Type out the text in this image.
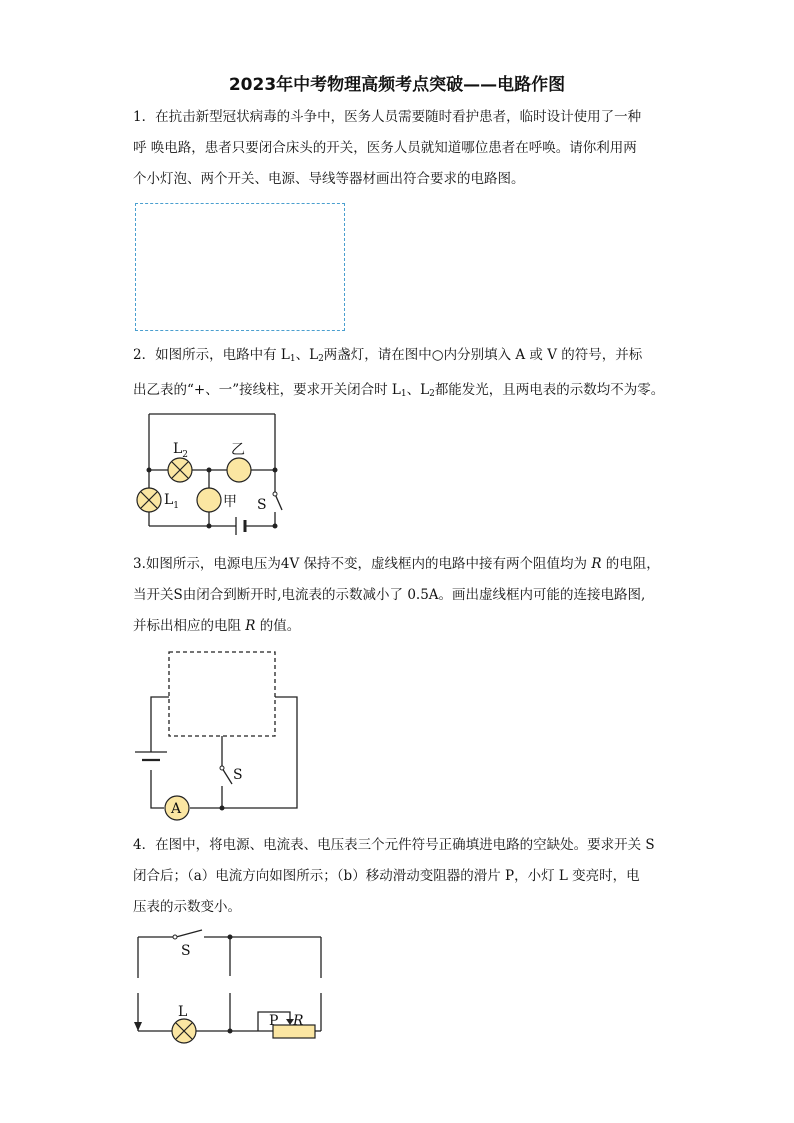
2023年中考物理高频考点突破——电路作图
1．在抗击新型冠状病毒的斗争中，医务人员需要随时看护患者，临时设计使用了一种
呼 唤电路，患者只要闭合床头的开关，医务人员就知道哪位患者在呼唤。请你利用两
个小灯泡、两个开关、电源、导线等器材画出符合要求的电路图。
2．如图所示，电路中有 $L_1$、$L_2$两盏灯，请在图中○内分别填入 A 或 V 的符号，并标
出乙表的“+、一”接线柱，要求开关闭合时 $L_1$、$L_2$都能发光，且两电表的示数均不为零。
$L_2$	乙
$L_1$	甲 S
3.如图所示，电源电压为4V 保持不变，虚线框内的电路中接有两个阻值均为 R 的电阻，
当开关S由闭合到断开时,电流表的示数减小了 0.5A。画出虚线框内可能的连接电路图,
并标出相应的电阻 R 的值。
A
S
4．在图中，将电源、电流表、电压表三个元件符号正确填进电路的空缺处。要求开关 S
闭合后；（a）电流方向如图所示；（b）移动滑动变阻器的滑片 P，小灯 L 变亮时，电
压表的示数变小。
S
L
P R
